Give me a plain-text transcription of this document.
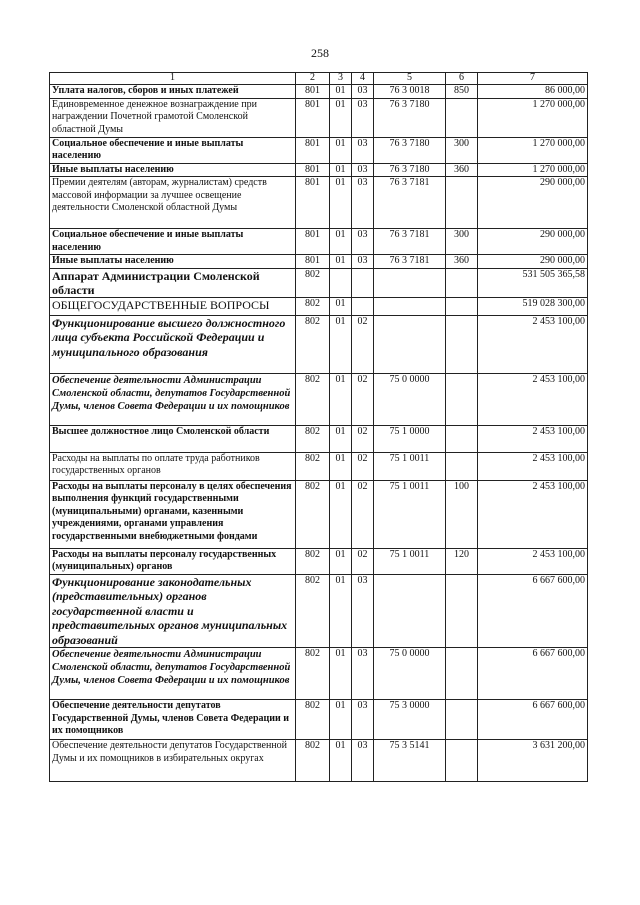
258
1	2	3	4	5	6	7
Уплата налогов, сборов и иных платежей	801	01	03	76 3 0018	850	86 000,00
Единовременное денежное вознаграждение при награждении Почетной грамотой Смоленской областной Думы	801	01	03	76 3 7180		1 270 000,00
Социальное обеспечение и иные выплаты населению	801	01	03	76 3 7180	300	1 270 000,00
Иные выплаты населению	801	01	03	76 3 7180	360	1 270 000,00
Премии деятелям (авторам, журналистам) средств массовой информации за лучшее освещение деятельности Смоленской областной Думы	801	01	03	76 3 7181		290 000,00
Социальное обеспечение и иные выплаты населению	801	01	03	76 3 7181	300	290 000,00
Иные выплаты населению	801	01	03	76 3 7181	360	290 000,00
Аппарат Администрации Смоленской области	802					531 505 365,58
ОБЩЕГОСУДАРСТВЕННЫЕ ВОПРОСЫ	802	01				519 028 300,00
Функционирование высшего должностного лица субъекта Российской Федерации и муниципального образования	802	01	02			2 453 100,00
Обеспечение деятельности Администрации Смоленской области, депутатов Государственной Думы, членов Совета Федерации и их помощников	802	01	02	75 0 0000		2 453 100,00
Высшее должностное лицо Смоленской области	802	01	02	75 1 0000		2 453 100,00
Расходы на выплаты по оплате труда работников государственных органов	802	01	02	75 1 0011		2 453 100,00
Расходы на выплаты персоналу в целях обеспечения выполнения функций государственными (муниципальными) органами, казенными учреждениями, органами управления государственными внебюджетными фондами	802	01	02	75 1 0011	100	2 453 100,00
Расходы на выплаты персоналу государственных (муниципальных) органов	802	01	02	75 1 0011	120	2 453 100,00
Функционирование законодательных (представительных) органов государственной власти и представительных органов муниципальных образований	802	01	03			6 667 600,00
Обеспечение деятельности Администрации Смоленской области, депутатов Государственной Думы, членов Совета Федерации и их помощников	802	01	03	75 0 0000		6 667 600,00
Обеспечение деятельности депутатов Государственной Думы, членов Совета Федерации и их помощников	802	01	03	75 3 0000		6 667 600,00
Обеспечение деятельности депутатов Государственной Думы и их помощников в избирательных округах	802	01	03	75 3 5141		3 631 200,00
